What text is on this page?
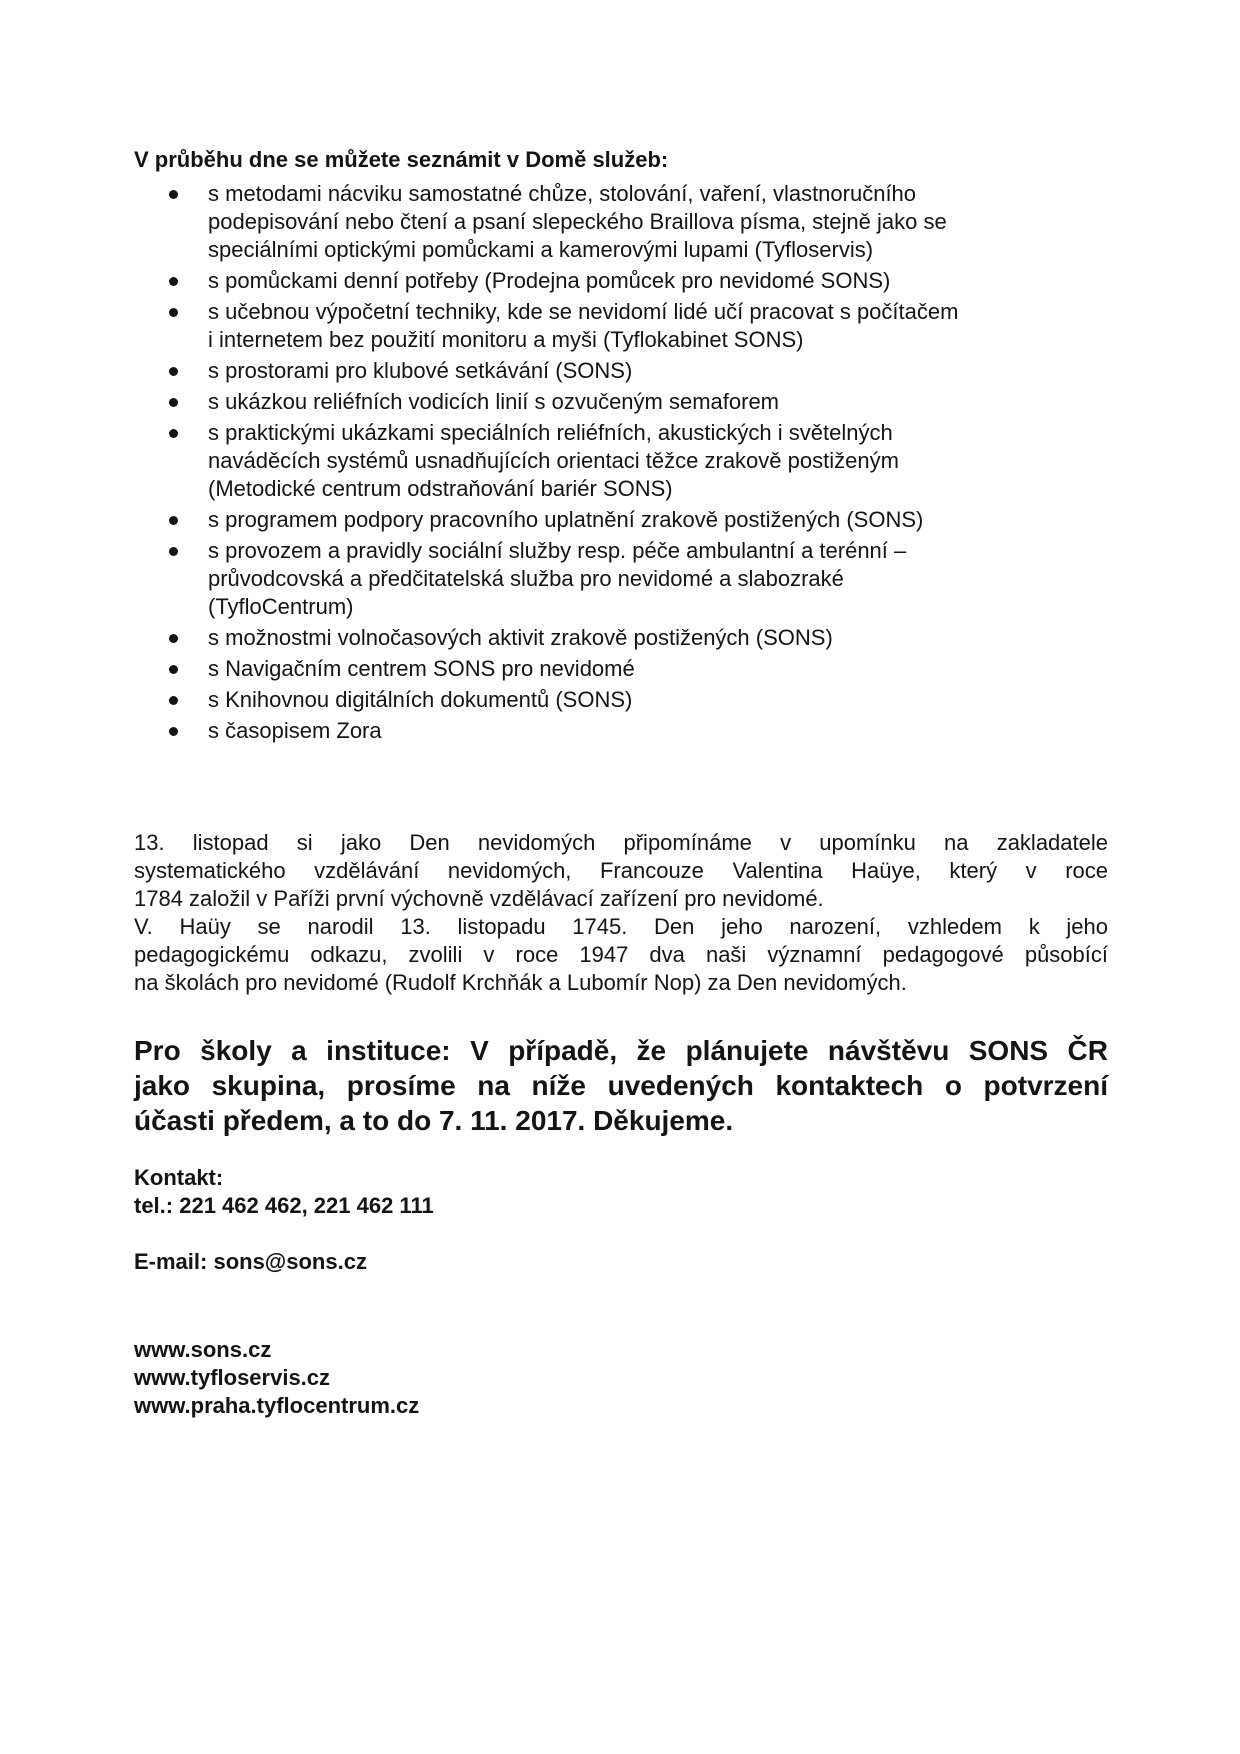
V průběhu dne se můžete seznámit v Domě služeb:
s metodami nácviku samostatné chůze, stolování, vaření, vlastnoručního
podepisování nebo čtení a psaní slepeckého Braillova písma, stejně jako se
speciálními optickými pomůckami a kamerovými lupami (Tyfloservis)
s pomůckami denní potřeby (Prodejna pomůcek pro nevidomé SONS)
s učebnou výpočetní techniky, kde se nevidomí lidé učí pracovat s počítačem
i internetem bez použití monitoru a myši (Tyflokabinet SONS)
s prostorami pro klubové setkávání (SONS)
s ukázkou reliéfních vodicích linií s ozvučeným semaforem
s praktickými ukázkami speciálních reliéfních, akustických i světelných
naváděcích systémů usnadňujících orientaci těžce zrakově postiženým
(Metodické centrum odstraňování bariér SONS)
s programem podpory pracovního uplatnění zrakově postižených (SONS)
s provozem a pravidly sociální služby resp. péče ambulantní a terénní –
průvodcovská a předčitatelská služba pro nevidomé a slabozraké
(TyfloCentrum)
s možnostmi volnočasových aktivit zrakově postižených (SONS)
s Navigačním centrem SONS pro nevidomé
s Knihovnou digitálních dokumentů (SONS)
s časopisem Zora
13. listopad si jako Den nevidomých připomínáme v upomínku na zakladatele
systematického vzdělávání nevidomých, Francouze Valentina Haüye, který v roce
1784 založil v Paříži první výchovně vzdělávací zařízení pro nevidomé.
V. Haüy se narodil 13. listopadu 1745. Den jeho narození, vzhledem k jeho
pedagogickému odkazu, zvolili v roce 1947 dva naši významní pedagogové působící
na školách pro nevidomé (Rudolf Krchňák a Lubomír Nop) za Den nevidomých.
Pro školy a instituce: V případě, že plánujete návštěvu SONS ČR
jako skupina, prosíme na níže uvedených kontaktech o potvrzení
účasti předem, a to do 7. 11. 2017. Děkujeme.
Kontakt:
tel.: 221 462 462, 221 462 111
E-mail: sons@sons.cz
www.sons.cz
www.tyfloservis.cz
www.praha.tyflocentrum.cz
